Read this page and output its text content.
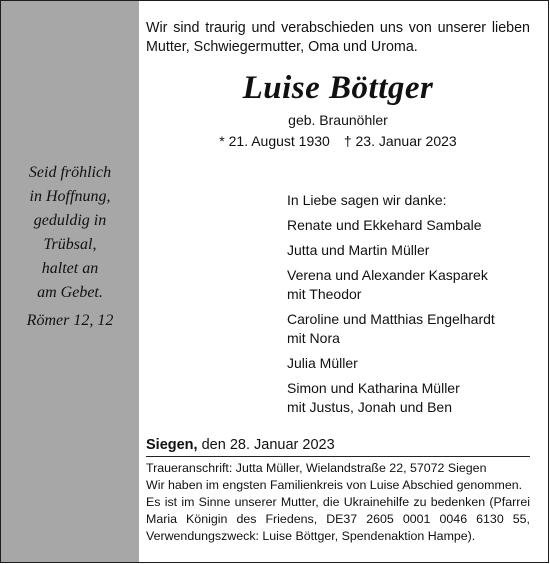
Seid fröhlich
in Hoffnung,
geduldig in
Trübsal,
haltet an
am Gebet.
Römer 12, 12
Wir sind traurig und verabschieden uns von unserer lieben Mutter, Schwiegermutter, Oma und Uroma.
Luise Böttger
geb. Braunöhler
* 21. August 1930 † 23. Januar 2023
In Liebe sagen wir danke:
Renate und Ekkehard Sambale
Jutta und Martin Müller
Verena und Alexander Kasparek
mit Theodor
Caroline und Matthias Engelhardt
mit Nora
Julia Müller
Simon und Katharina Müller
mit Justus, Jonah und Ben
Siegen, den 28. Januar 2023
Traueranschrift: Jutta Müller, Wielandstraße 22, 57072 Siegen
Wir haben im engsten Familienkreis von Luise Abschied genommen.
Es ist im Sinne unserer Mutter, die Ukrainehilfe zu bedenken (Pfarrei Maria Königin des Friedens, DE37 2605 0001 0046 6130 55, Verwendungszweck: Luise Böttger, Spendenaktion Hampe).
